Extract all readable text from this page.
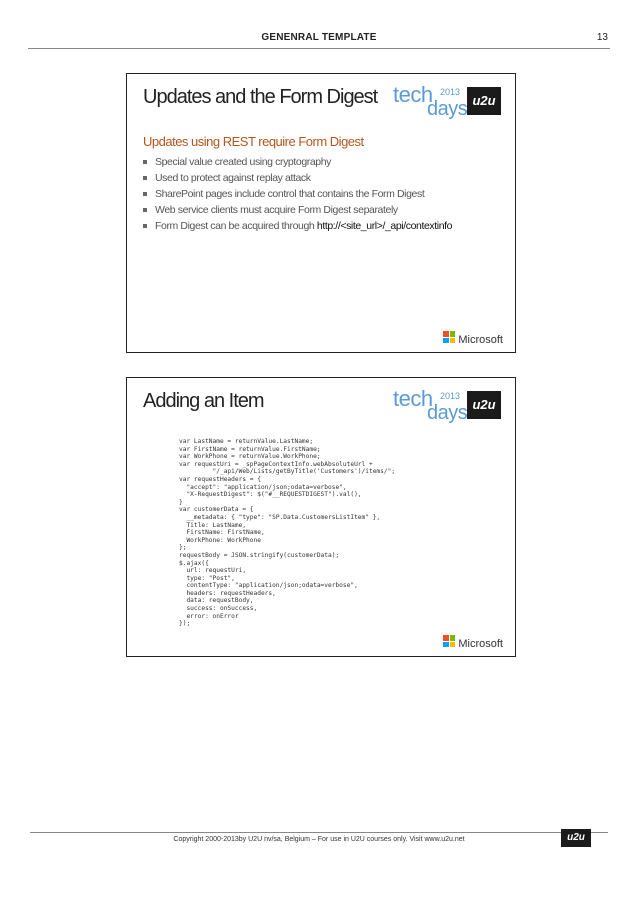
GENENRAL TEMPLATE	13
Updates and the Form Digest tech 2013
days u2u
Updates using REST require Form Digest
Special value created using cryptography
Used to protect against replay attack
SharePoint pages include control that contains the Form Digest
Web service clients must acquire Form Digest separately
Form Digest can be acquired through http://<site_url>/_api/contextinfo
Microsoft
Adding an Item	tech 2013
days u2u
var LastName = returnValue.LastName;
var FirstName = returnValue.FirstName;
var WorkPhone = returnValue.WorkPhone;
var requestUri = _spPageContextInfo.webAbsoluteUrl +
"/_api/Web/Lists/getByTitle('Customers')/items/";
var requestHeaders = {
"accept": "application/json;odata=verbose",
"X-RequestDigest": $("#__REQUESTDIGEST").val(),
}
var customerData = {
__metadata: { "type": "SP.Data.CustomersListItem" },
Title: LastName,
FirstName: FirstName,
WorkPhone: WorkPhone
};
requestBody = JSON.stringify(customerData);
$.ajax({
url: requestUri,
type: "Post",
contentType: "application/json;odata=verbose",
headers: requestHeaders,
data: requestBody,
success: onSuccess,
error: onError
});
Microsoft
Copyright 2000-2013by U2U nv/sa, Belgium – For use in U2U courses only. Visit www.u2u.net	u2u
